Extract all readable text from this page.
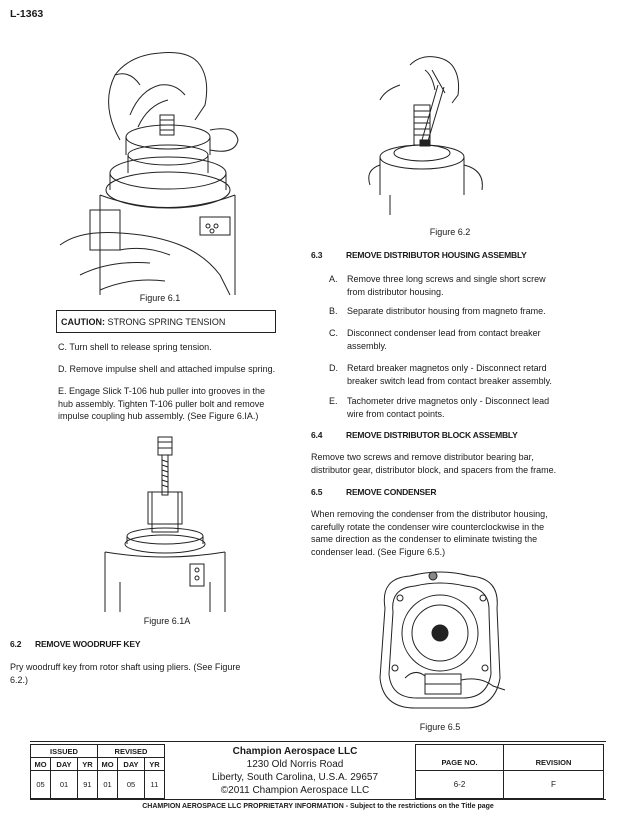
L-1363
Figure 6.1
CAUTION: STRONG SPRING TENSION
C. Turn shell to release spring tension.
D. Remove impulse shell and attached impulse spring.
E. Engage Slick T-106 hub puller into grooves in the
hub assembly. Tighten T-106 puller bolt and remove
impulse coupling hub assembly. (See Figure 6.IA.)
Figure 6.1A
6.2 REMOVE WOODRUFF KEY
Pry woodruff key from rotor shaft using pliers. (See Figure
6.2.)
Figure 6.2
6.3	REMOVE DISTRIBUTOR HOUSING ASSEMBLY
A. Remove three long screws and single short screw
from distributor housing.
B. Separate distributor housing from magneto frame.
C. Disconnect condenser lead from contact breaker
assembly.
D. Retard breaker magnetos only - Disconnect retard
breaker switch lead from contact breaker assembly.
E. Tachometer drive magnetos only - Disconnect lead
wire from contact points.
6.4	REMOVE DISTRIBUTOR BLOCK ASSEMBLY
Remove two screws and remove distributor bearing bar,
distributor gear, distributor block, and spacers from the frame.
6.5	REMOVE CONDENSER
When removing the condenser from the distributor housing,
carefully rotate the condenser wire counterclockwise in the
same direction as the condenser to eliminate twisting the
condenser lead. (See Figure 6.5.)
Figure 6.5
ISSUED			REVISED		
MO	DAY	YR	MO	DAY	YR
05	01	91	01	05	11
Champion Aerospace LLC
1230 Old Norris Road
Liberty, South Carolina, U.S.A. 29657
©2011 Champion Aerospace LLC
PAGE NO.	REVISION
6-2	F
CHAMPION AEROSPACE LLC PROPRIETARY INFORMATION - Subject to the restrictions on the Title page
